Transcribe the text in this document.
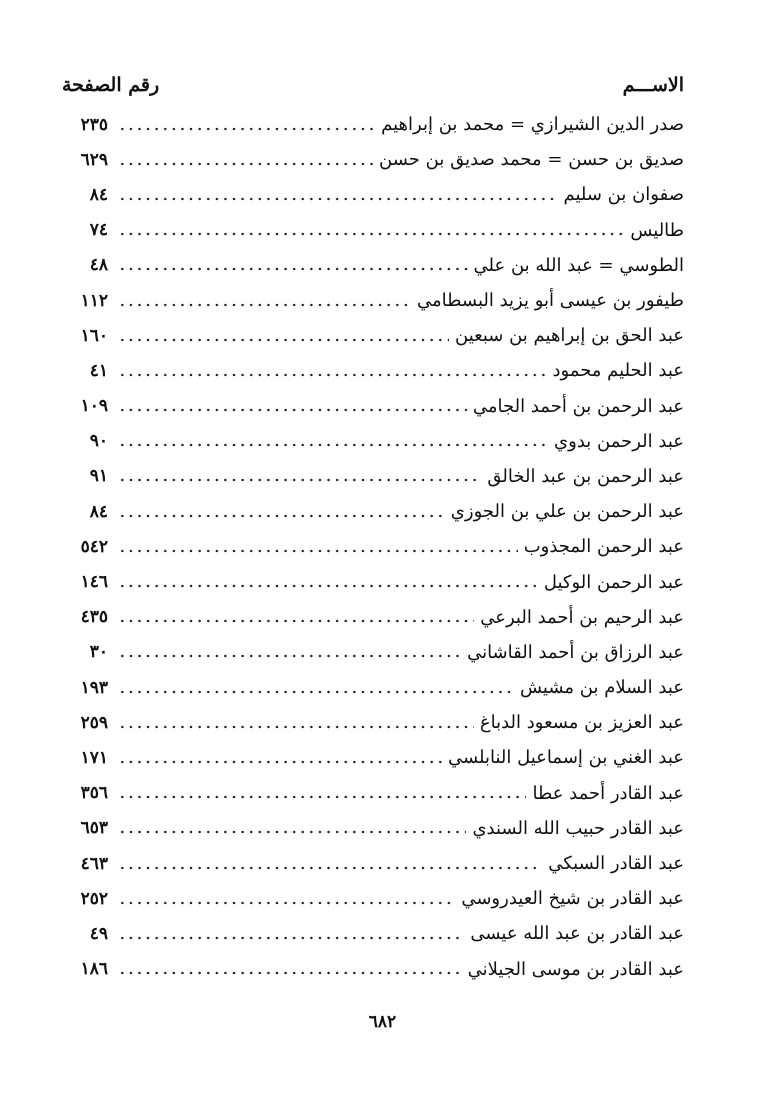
الاســـم
رقم الصفحة
صدر الدين الشيرازي = محمد بن إبراهيم
٢٣٥
صديق بن حسن = محمد صديق بن حسن
٦٢٩
صفوان بن سليم
٨٤
طاليس
٧٤
الطوسي = عبد الله بن علي
٤٨
طيفور بن عيسى أبو يزيد البسطامي
١١٢
عبد الحق بن إبراهيم بن سبعين
١٦٠
عبد الحليم محمود
٤١
عبد الرحمن بن أحمد الجامي
١٠٩
عبد الرحمن بدوي
٩٠
عبد الرحمن بن عبد الخالق
٩١
عبد الرحمن بن علي بن الجوزي
٨٤
عبد الرحمن المجذوب
٥٤٢
عبد الرحمن الوكيل
١٤٦
عبد الرحيم بن أحمد البرعي
٤٣٥
عبد الرزاق بن أحمد القاشاني
٣٠
عبد السلام بن مشيش
١٩٣
عبد العزيز بن مسعود الدباغ
٢٥٩
عبد الغني بن إسماعيل النابلسي
١٧١
عبد القادر أحمد عطا
٣٥٦
عبد القادر حبيب الله السندي
٦٥٣
عبد القادر السبكي
٤٦٣
عبد القادر بن شيخ العيدروسي
٢٥٢
عبد القادر بن عبد الله عيسى
٤٩
عبد القادر بن موسى الجيلاني
١٨٦
٦٨٢
